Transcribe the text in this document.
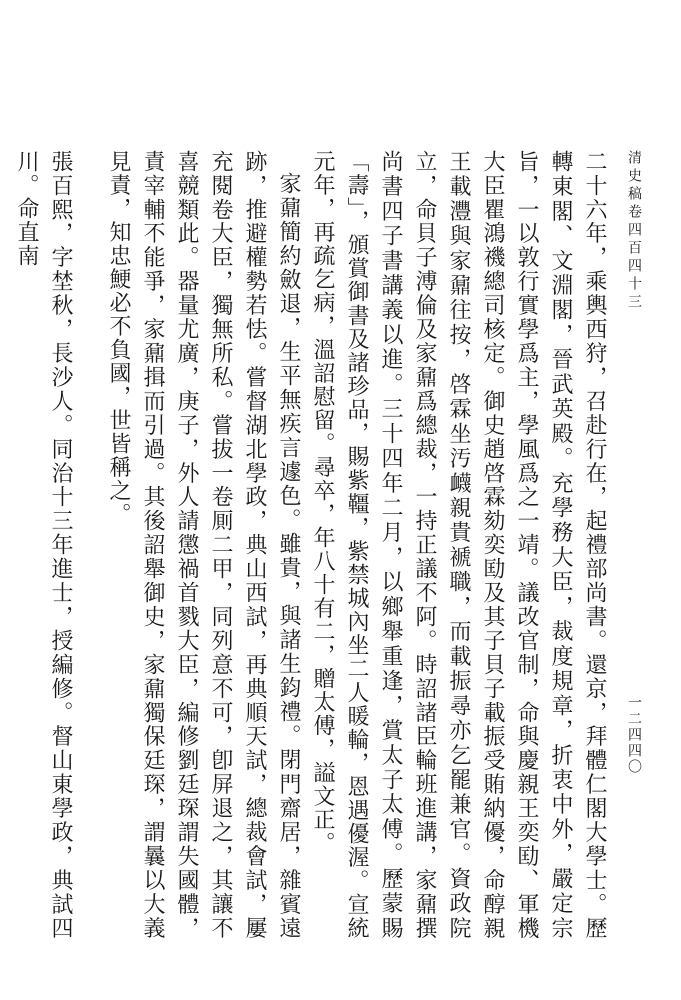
清史稿卷四百四十三
一二四四〇

二十六年，乘輿西狩，召赴行在，起禮部尚書。還京，拜體仁閣大學士。歷轉東閣、文淵閣，晉武英殿。充學務大臣，裁度規章，折衷中外，嚴定宗旨，一以敦行實學爲主，學風爲之一靖。議改官制，命與慶親王奕劻、軍機大臣瞿鴻禨總司核定。御史趙啓霖劾奕劻及其子貝子載振受賄納優，命醇親王載灃與家鼐往按，啓霖坐汚衊親貴褫職，而載振尋亦乞罷兼官。資政院立，命貝子溥倫及家鼐爲總裁，一持正議不阿。時詔諸臣輪班進講，家鼐撰尚書四子書講義以進。三十四年二月，以鄉舉重逢，賞太子太傅。歷蒙賜「壽」，頒賞御書及諸珍品，賜紫韁，紫禁城內坐二人暖輪，恩遇優渥。宣統元年，再疏乞病，溫詔慰留。尋卒，年八十有二，贈太傅，謚文正。

家鼐簡約斂退，生平無疾言遽色。雖貴，與諸生鈞禮。閉門齋居，雜賓遠跡，推避權勢若怯。嘗督湖北學政，典山西試，再典順天試，總裁會試，屢充閱卷大臣，獨無所私。嘗拔一卷厠二甲，同列意不可，卽屏退之，其讓不喜競類此。器量尤廣，庚子，外人請懲禍首戮大臣，編修劉廷琛謂失國體，責宰輔不能爭，家鼐揖而引過。其後詔舉御史，家鼐獨保廷琛，謂曩以大義見責，知忠鯁必不負國，世皆稱之。

張百熙，字埜秋，長沙人。同治十三年進士，授編修。督山東學政，典試四川。命直南
